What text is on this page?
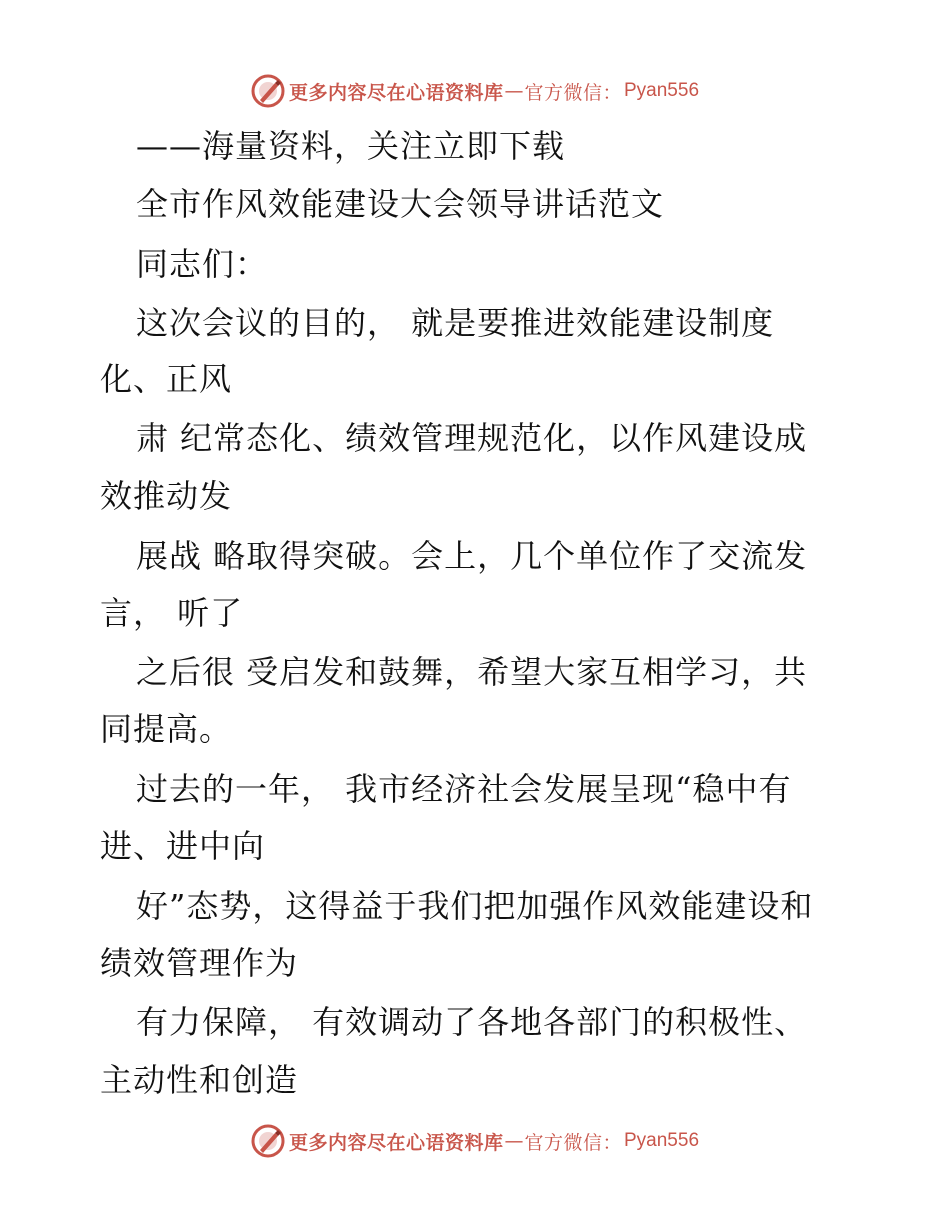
更多内容尽在心语资料库 — 官方微信： Pyan556
——海量资料，关注立即下载
全市作风效能建设大会领导讲话范文
同志们：
这次会议的目的， 就是要推进效能建设制度
化、正风
肃 纪常态化、绩效管理规范化，以作风建设成
效推动发
展战 略取得突破。会上，几个单位作了交流发
言， 听了
之后很 受启发和鼓舞，希望大家互相学习，共
同提高。
过去的一年， 我市经济社会发展呈现“稳中有
进、进中向
好”态势，这得益于我们把加强作风效能建设和
绩效管理作为
有力保障， 有效调动了各地各部门的积极性、
主动性和创造
更多内容尽在心语资料库 — 官方微信： Pyan556
